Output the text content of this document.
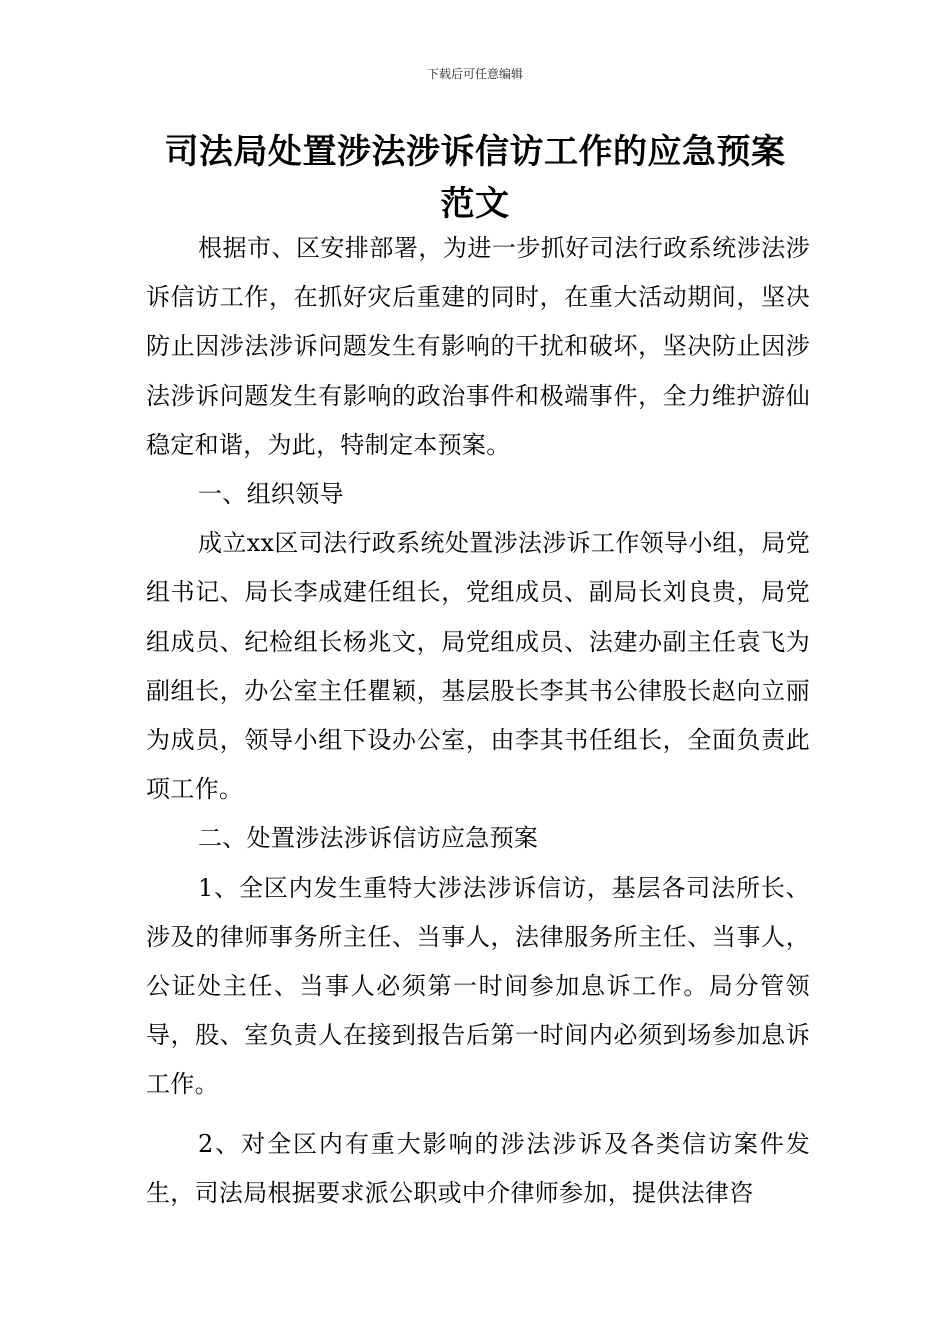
下载后可任意编辑
司法局处置涉法涉诉信访工作的应急预案
范文

根据市、区安排部署，为进一步抓好司法行政系统涉法涉诉信访工作，在抓好灾后重建的同时，在重大活动期间，坚决防止因涉法涉诉问题发生有影响的干扰和破坏，坚决防止因涉法涉诉问题发生有影响的政治事件和极端事件，全力维护游仙稳定和谐，为此，特制定本预案。

一、组织领导

成立xx区司法行政系统处置涉法涉诉工作领导小组，局党组书记、局长李成建任组长，党组成员、副局长刘良贵，局党组成员、纪检组长杨兆文，局党组成员、法建办副主任袁飞为副组长，办公室主任瞿颖，基层股长李其书公律股长赵向立丽为成员，领导小组下设办公室，由李其书任组长，全面负责此项工作。

二、处置涉法涉诉信访应急预案

1、全区内发生重特大涉法涉诉信访，基层各司法所长、涉及的律师事务所主任、当事人，法律服务所主任、当事人，公证处主任、当事人必须第一时间参加息诉工作。局分管领导，股、室负责人在接到报告后第一时间内必须到场参加息诉工作。

2、对全区内有重大影响的涉法涉诉及各类信访案件发生，司法局根据要求派公职或中介律师参加，提供法律咨
